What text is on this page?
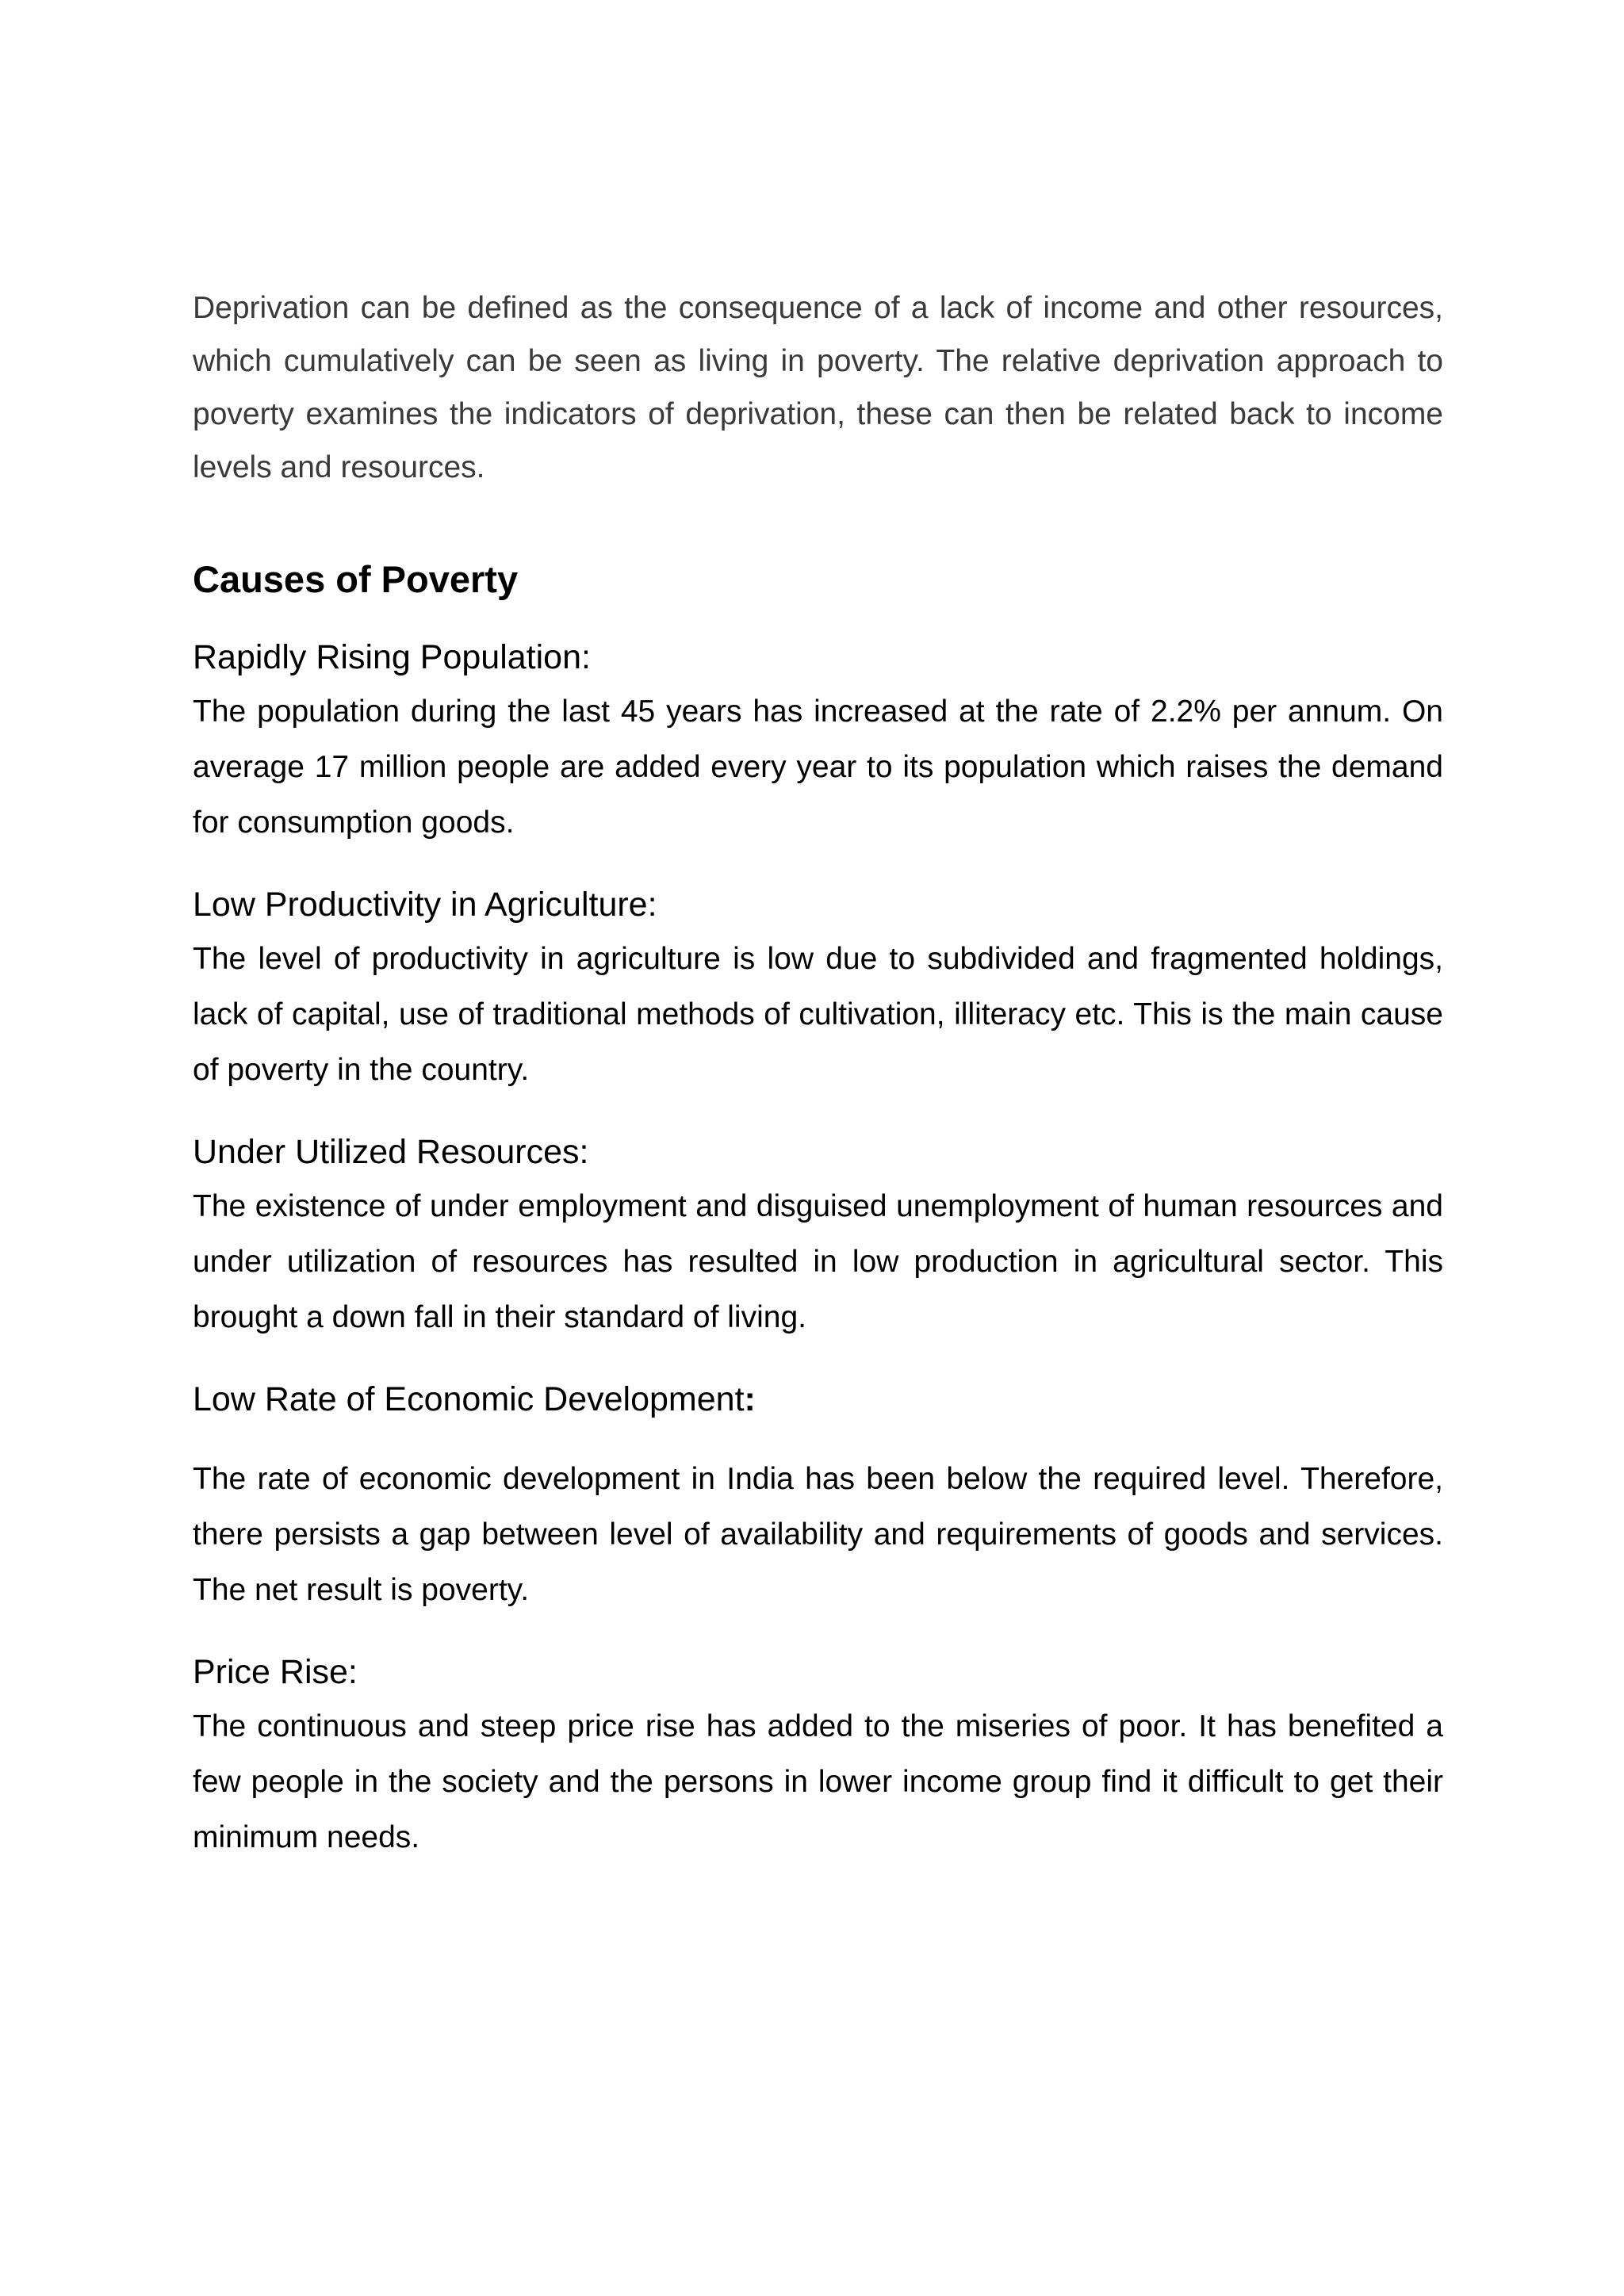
Deprivation can be defined as the consequence of a lack of income and other resources, which cumulatively can be seen as living in poverty. The relative deprivation approach to poverty examines the indicators of deprivation, these can then be related back to income levels and resources.

Causes of Poverty
Rapidly Rising Population:

The population during the last 45 years has increased at the rate of 2.2% per annum. On average 17 million people are added every year to its population which raises the demand for consumption goods.

Low Productivity in Agriculture:

The level of productivity in agriculture is low due to subdivided and fragmented holdings, lack of capital, use of traditional methods of cultivation, illiteracy etc. This is the main cause of poverty in the country.

Under Utilized Resources:

The existence of under employment and disguised unemployment of human resources and under utilization of resources has resulted in low production in agricultural sector. This brought a down fall in their standard of living.

Low Rate of Economic Development:

The rate of economic development in India has been below the required level. Therefore, there persists a gap between level of availability and requirements of goods and services. The net result is poverty.

Price Rise:

The continuous and steep price rise has added to the miseries of poor. It has benefited a few people in the society and the persons in lower income group find it difficult to get their minimum needs.
